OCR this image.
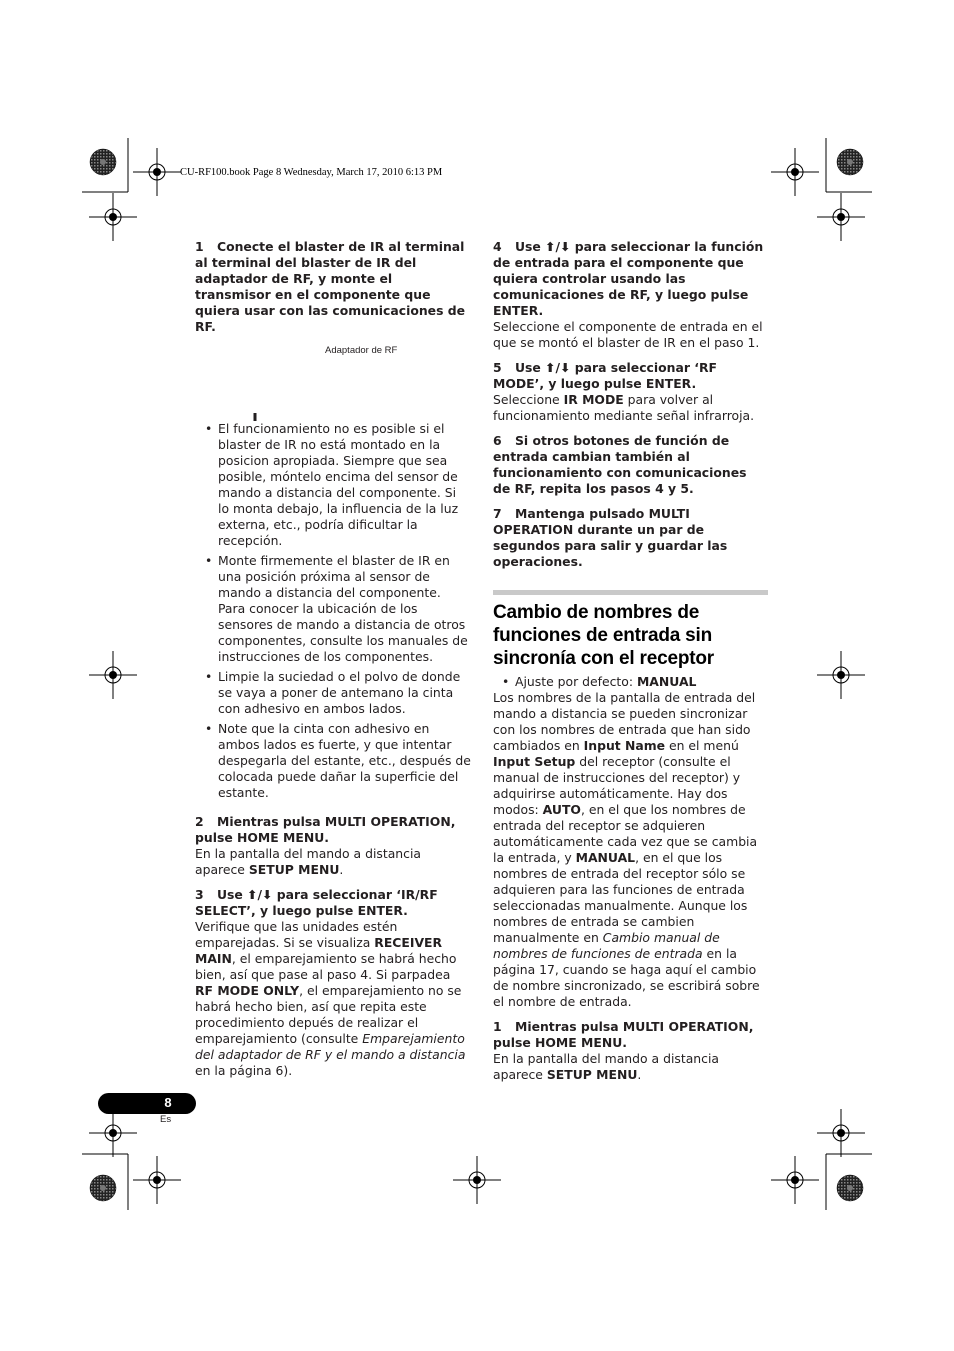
CU-RF100.book Page 8 Wednesday, March 17, 2010 6:13 PM

1 Conecte el blaster de IR al terminal al terminal del blaster de IR del adaptador de RF, y monte el transmisor en el componente que quiera usar con las comunicaciones de RF.

Adaptador de RF
• El funcionamiento no es posible si el blaster de IR no está montado en la posicion apropiada. Siempre que sea posible, móntelo encima del sensor de mando a distancia del componente. Si lo monta debajo, la influencia de la luz externa, etc., podría dificultar la recepción.
• Monte firmemente el blaster de IR en una posición próxima al sensor de mando a distancia del componente. Para conocer la ubicación de los sensores de mando a distancia de otros componentes, consulte los manuales de instrucciones de los componentes.
• Limpie la suciedad o el polvo de donde se vaya a poner de antemano la cinta con adhesivo en ambos lados.
• Note que la cinta con adhesivo en ambos lados es fuerte, y que intentar despegarla del estante, etc., después de colocada puede dañar la superficie del estante.

2 Mientras pulsa MULTI OPERATION, pulse HOME MENU.

En la pantalla del mando a distancia aparece SETUP MENU.

3 Use ⬆/⬇ para seleccionar ‘IR/RF SELECT’, y luego pulse ENTER.

Verifique que las unidades estén emparejadas. Si se visualiza RECEIVER MAIN, el emparejamiento se habrá hecho bien, así que pase al paso 4. Si parpadea RF MODE ONLY, el emparejamiento no se habrá hecho bien, así que repita este procedimiento depués de realizar el emparejamiento (consulte Emparejamiento del adaptador de RF y el mando a distancia en la página 6).

4 Use ⬆/⬇ para seleccionar la función de entrada para el componente que quiera controlar usando las comunicaciones de RF, y luego pulse ENTER.

Seleccione el componente de entrada en el que se montó el blaster de IR en el paso 1.

5 Use ⬆/⬇ para seleccionar ‘RF MODE’, y luego pulse ENTER.

Seleccione IR MODE para volver al funcionamiento mediante señal infrarroja.

6 Si otros botones de función de entrada cambian también al funcionamiento con comunicaciones de RF, repita los pasos 4 y 5.

7 Mantenga pulsado MULTI OPERATION durante un par de segundos para salir y guardar las operaciones.

Cambio de nombres de funciones de entrada sin sincronía con el receptor

• Ajuste por defecto: MANUAL

Los nombres de la pantalla de entrada del mando a distancia se pueden sincronizar con los nombres de entrada que han sido cambiados en Input Name en el menú Input Setup del receptor (consulte el manual de instrucciones del receptor) y adquirirse automáticamente. Hay dos modos: AUTO, en el que los nombres de entrada del receptor se adquieren automáticamente cada vez que se cambia la entrada, y MANUAL, en el que los nombres de entrada del receptor sólo se adquieren para las funciones de entrada seleccionadas manualmente. Aunque los nombres de entrada se cambien manualmente en Cambio manual de nombres de funciones de entrada en la página 17, cuando se haga aquí el cambio de nombre sincronizado, se escribirá sobre el nombre de entrada.

1 Mientras pulsa MULTI OPERATION, pulse HOME MENU.

En la pantalla del mando a distancia aparece SETUP MENU.

8
Es
